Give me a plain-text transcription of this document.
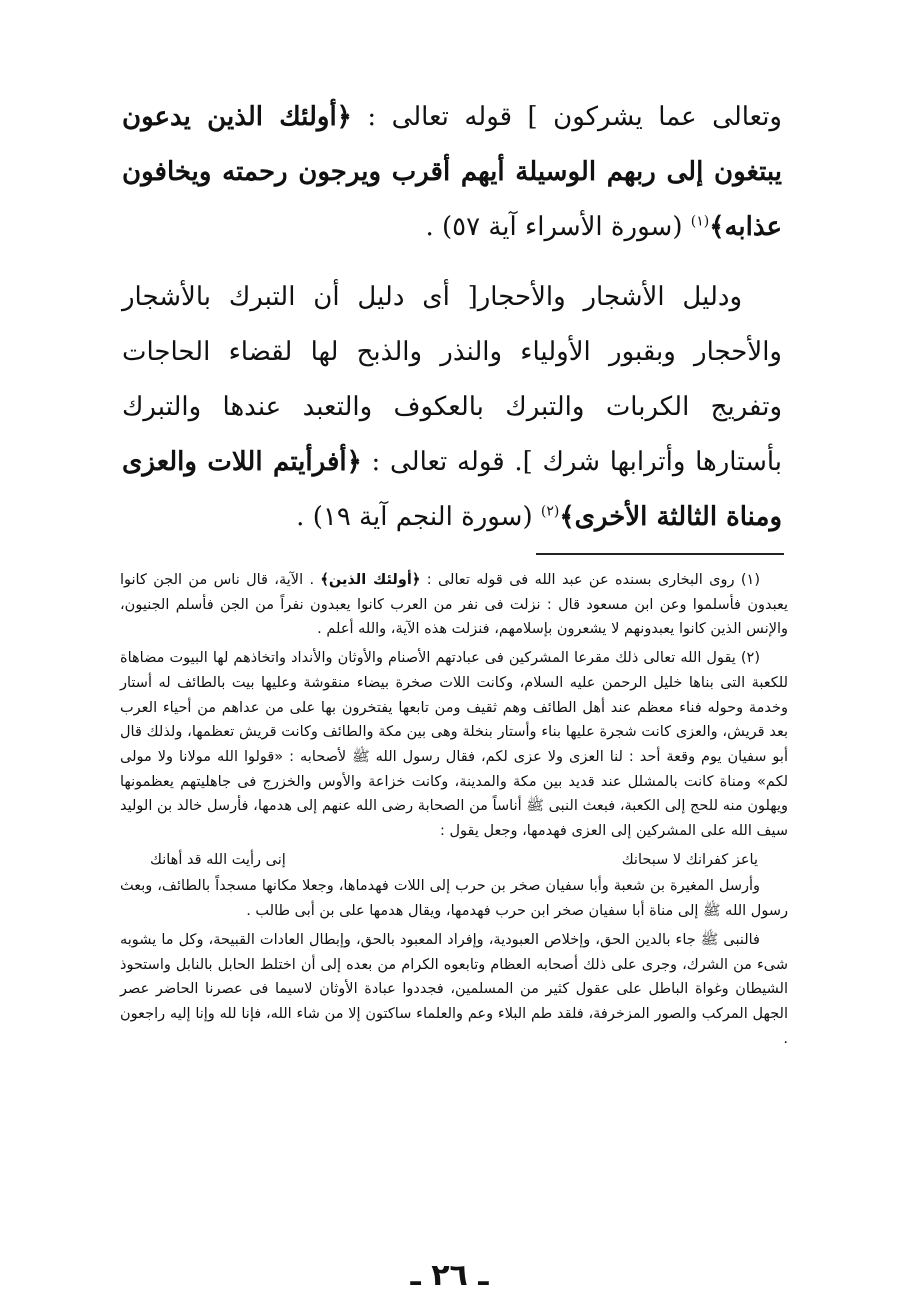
وتعالى عما يشركون ] قوله تعالى : ﴿أولئك الذين يدعون يبتغون إلى ربهم الوسيلة أيهم أقرب ويرجون رحمته ويخافون عذابه﴾$^{(١)}$ (سورة الأسراء آية ٥٧) .
ودليل الأشجار والأحجار[ أى دليل أن التبرك بالأشجار والأحجار وبقبور الأولياء والنذر والذبح لها لقضاء الحاجات وتفريج الكربات والتبرك بالعكوف والتعبد عندها والتبرك بأستارها وأترابها شرك ]. قوله تعالى : ﴿أفرأيتم اللات والعزى ومناة الثالثة الأخرى﴾$^{(٢)}$ (سورة النجم آية ١٩) .

(١) روى البخارى بسنده عن عبد الله فى قوله تعالى : ﴿أولئك الذين﴾ . الآية، قال ناس من الجن كانوا يعبدون فأسلموا وعن ابن مسعود قال : نزلت فى نفر من العرب كانوا يعبدون نفراً من الجن فأسلم الجنيون، والإنس الذين كانوا يعبدونهم لا يشعرون بإسلامهم، فنزلت هذه الآية، والله أعلم .

(٢) يقول الله تعالى ذلك مقرعا المشركين فى عبادتهم الأصنام والأوثان والأنداد واتخاذهم لها البيوت مضاهاة للكعبة التى بناها خليل الرحمن عليه السلام، وكانت اللات صخرة بيضاء منقوشة وعليها بيت بالطائف له أستار وخدمة وحوله فناء معظم عند أهل الطائف وهم ثقيف ومن تابعها يفتخرون بها على من عداهم من أحياء العرب بعد قريش، والعزى كانت شجرة عليها بناء وأستار بنخلة وهى بين مكة والطائف وكانت قريش تعظمها، ولذلك قال أبو سفيان يوم وقعة أحد : لنا العزى ولا عزى لكم، فقال رسول الله ﷺ لأصحابه : «قولوا الله مولانا ولا مولى لكم» ومناة كانت بالمشلل عند قديد بين مكة والمدينة، وكانت خزاعة والأوس والخزرج فى جاهليتهم يعظمونها ويهلون منه للحج إلى الكعبة، فبعث النبى ﷺ أناساً من الصحابة رضى الله عنهم إلى هدمها، فأرسل خالد بن الوليد سيف الله على المشركين إلى العزى فهدمها، وجعل يقول :

ياعز كفرانك لا سبحانك
إنى رأيت الله قد أهانك

وأرسل المغيرة بن شعبة وأبا سفيان صخر بن حرب إلى اللات فهدماها، وجعلا مكانها مسجداً بالطائف، وبعث رسول الله ﷺ إلى مناة أبا سفيان صخر ابن حرب فهدمها، ويقال هدمها على بن أبى طالب .

فالنبى ﷺ جاء بالدين الحق، وإخلاص العبودية، وإفراد المعبود بالحق، وإبطال العادات القبيحة، وكل ما يشوبه شىء من الشرك، وجرى على ذلك أصحابه العظام وتابعوه الكرام من بعده إلى أن اختلط الحابل بالنابل واستحوذ الشيطان وغواة الباطل على عقول كثير من المسلمين، فجددوا عبادة الأوثان لاسيما فى عصرنا الحاضر عصر الجهل المركب والصور المزخرفة، فلقد طم البلاء وعم والعلماء ساكتون إلا من شاء الله، فإنا لله وإنا إليه راجعون .

ـ ٢٦ ـ
